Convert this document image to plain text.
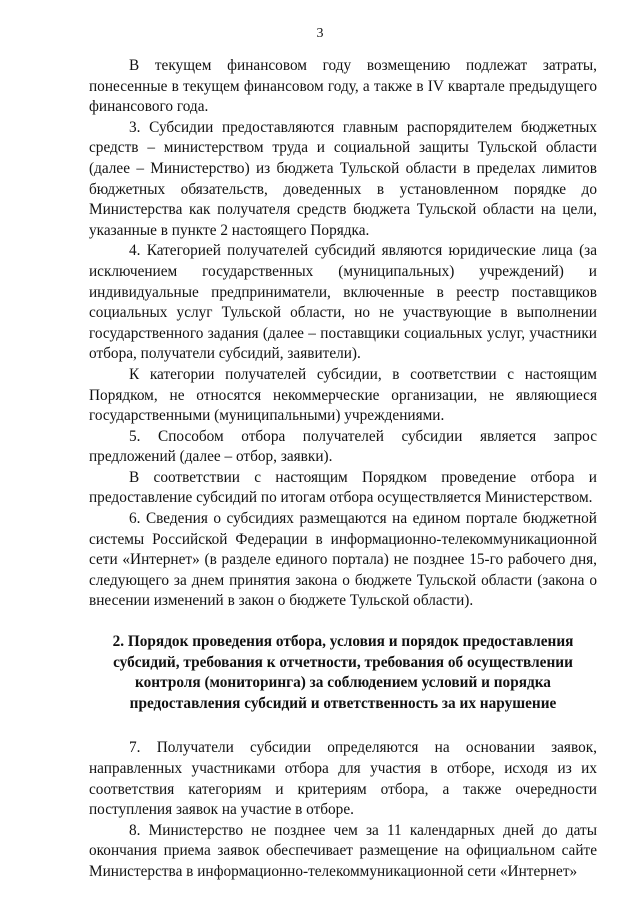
3

В текущем финансовом году возмещению подлежат затраты, понесенные в текущем финансовом году, а также в IV квартале предыдущего финансового года.

3. Субсидии предоставляются главным распорядителем бюджетных средств – министерством труда и социальной защиты Тульской области (далее – Министерство) из бюджета Тульской области в пределах лимитов бюджетных обязательств, доведенных в установленном порядке до Министерства как получателя средств бюджета Тульской области на цели, указанные в пункте 2 настоящего Порядка.

4. Категорией получателей субсидий являются юридические лица (за исключением государственных (муниципальных) учреждений) и индивидуальные предприниматели, включенные в реестр поставщиков социальных услуг Тульской области, но не участвующие в выполнении государственного задания (далее – поставщики социальных услуг, участники отбора, получатели субсидий, заявители).

К категории получателей субсидии, в соответствии с настоящим Порядком, не относятся некоммерческие организации, не являющиеся государственными (муниципальными) учреждениями.

5. Способом отбора получателей субсидии является запрос предложений (далее – отбор, заявки).

В соответствии с настоящим Порядком проведение отбора и предоставление субсидий по итогам отбора осуществляется Министерством.

6. Сведения о субсидиях размещаются на едином портале бюджетной системы Российской Федерации в информационно-телекоммуникационной сети «Интернет» (в разделе единого портала) не позднее 15-го рабочего дня, следующего за днем принятия закона о бюджете Тульской области (закона о внесении изменений в закон о бюджете Тульской области).

2. Порядок проведения отбора, условия и порядок предоставления субсидий, требования к отчетности, требования об осуществлении контроля (мониторинга) за соблюдением условий и порядка предоставления субсидий и ответственность за их нарушение

7. Получатели субсидии определяются на основании заявок, направленных участниками отбора для участия в отборе, исходя из их соответствия категориям и критериям отбора, а также очередности поступления заявок на участие в отборе.

8. Министерство не позднее чем за 11 календарных дней до даты окончания приема заявок обеспечивает размещение на официальном сайте Министерства в информационно-телекоммуникационной сети «Интернет»
